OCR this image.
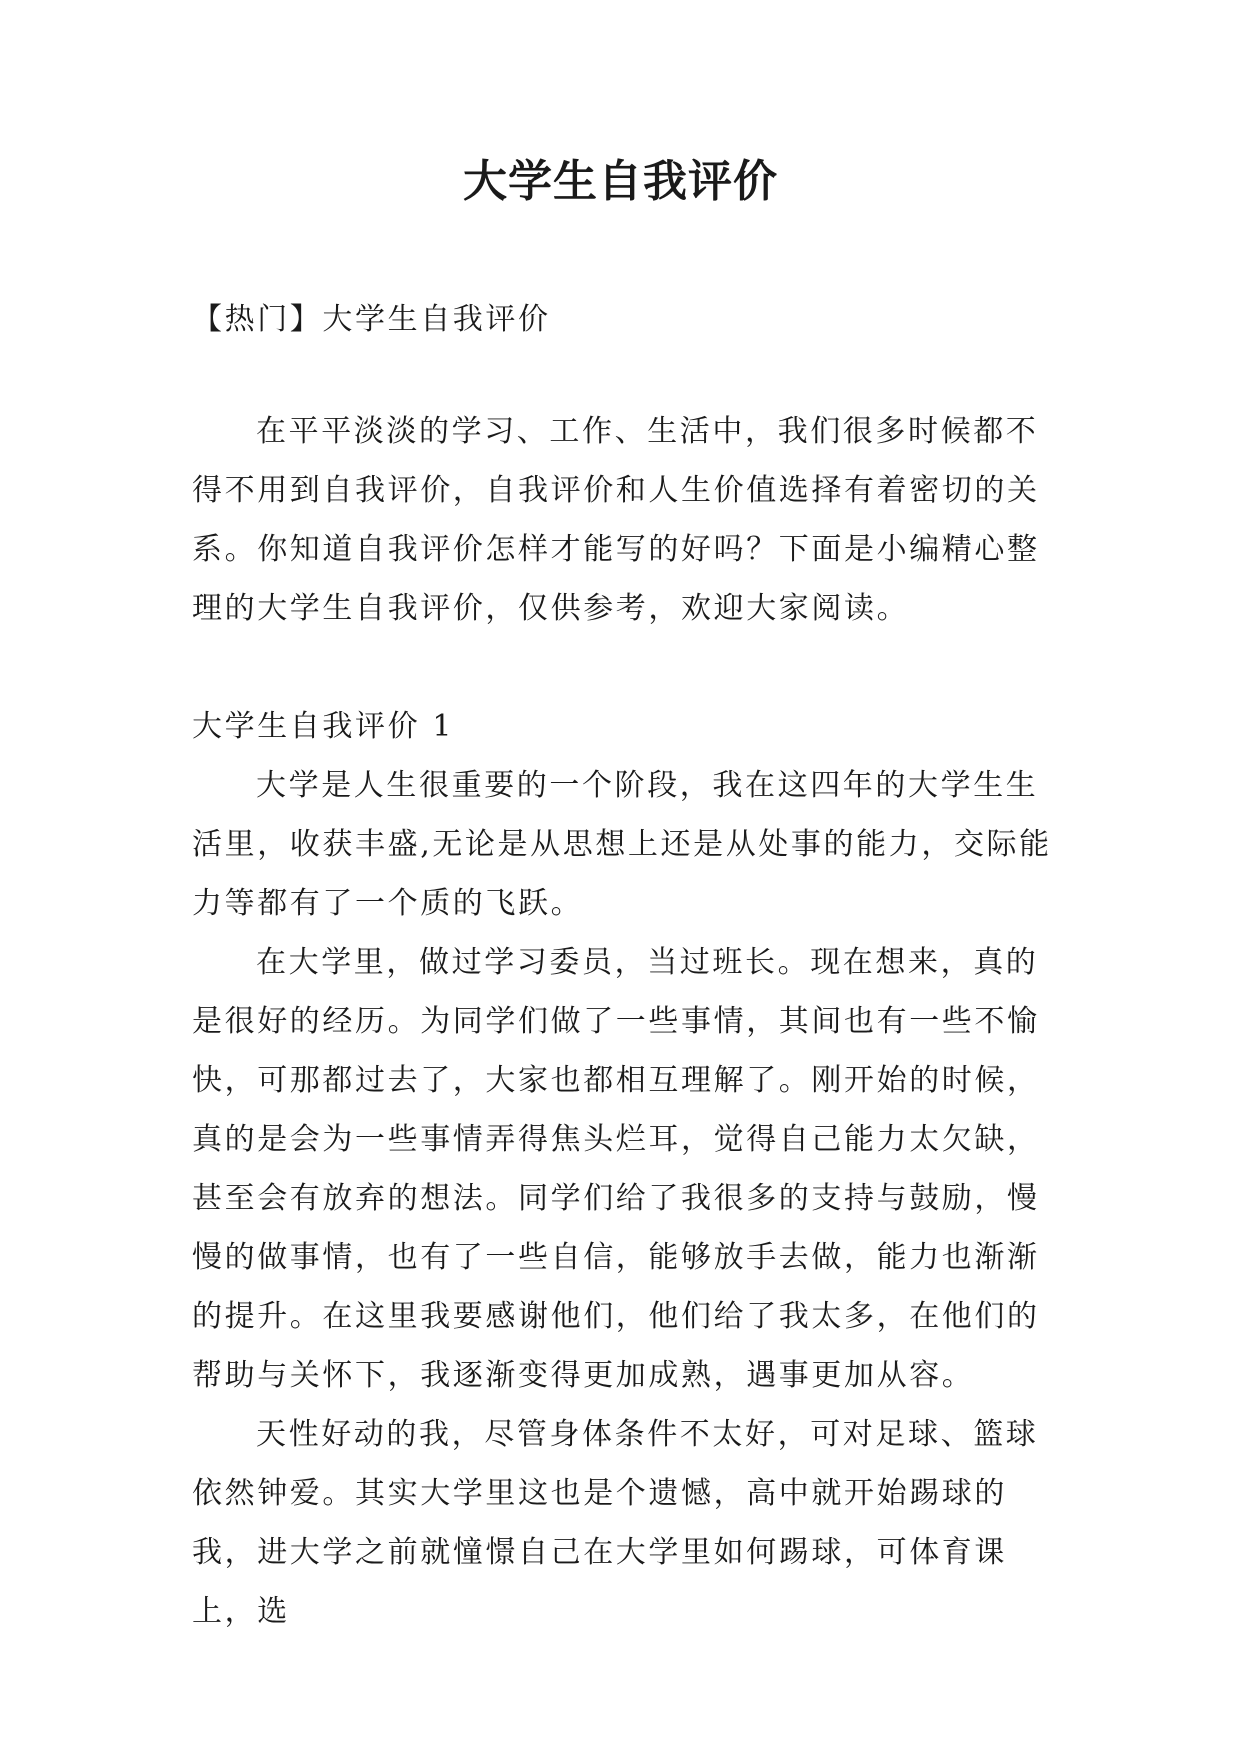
大学生自我评价
【热门】大学生自我评价

在平平淡淡的学习、工作、生活中，我们很多时候都不得不用到自我评价，自我评价和人生价值选择有着密切的关系。你知道自我评价怎样才能写的好吗？下面是小编精心整理的大学生自我评价，仅供参考，欢迎大家阅读。

大学生自我评价 1

大学是人生很重要的一个阶段，我在这四年的大学生生活里，收获丰盛,无论是从思想上还是从处事的能力，交际能力等都有了一个质的飞跃。

在大学里，做过学习委员，当过班长。现在想来，真的是很好的经历。为同学们做了一些事情，其间也有一些不愉快，可那都过去了，大家也都相互理解了。刚开始的时候，真的是会为一些事情弄得焦头烂耳，觉得自己能力太欠缺，甚至会有放弃的想法。同学们给了我很多的支持与鼓励，慢慢的做事情，也有了一些自信，能够放手去做，能力也渐渐的提升。在这里我要感谢他们，他们给了我太多，在他们的帮助与关怀下，我逐渐变得更加成熟，遇事更加从容。

天性好动的我，尽管身体条件不太好，可对足球、篮球依然钟爱。其实大学里这也是个遗憾，高中就开始踢球的我，进大学之前就憧憬自己在大学里如何踢球，可体育课上，选
